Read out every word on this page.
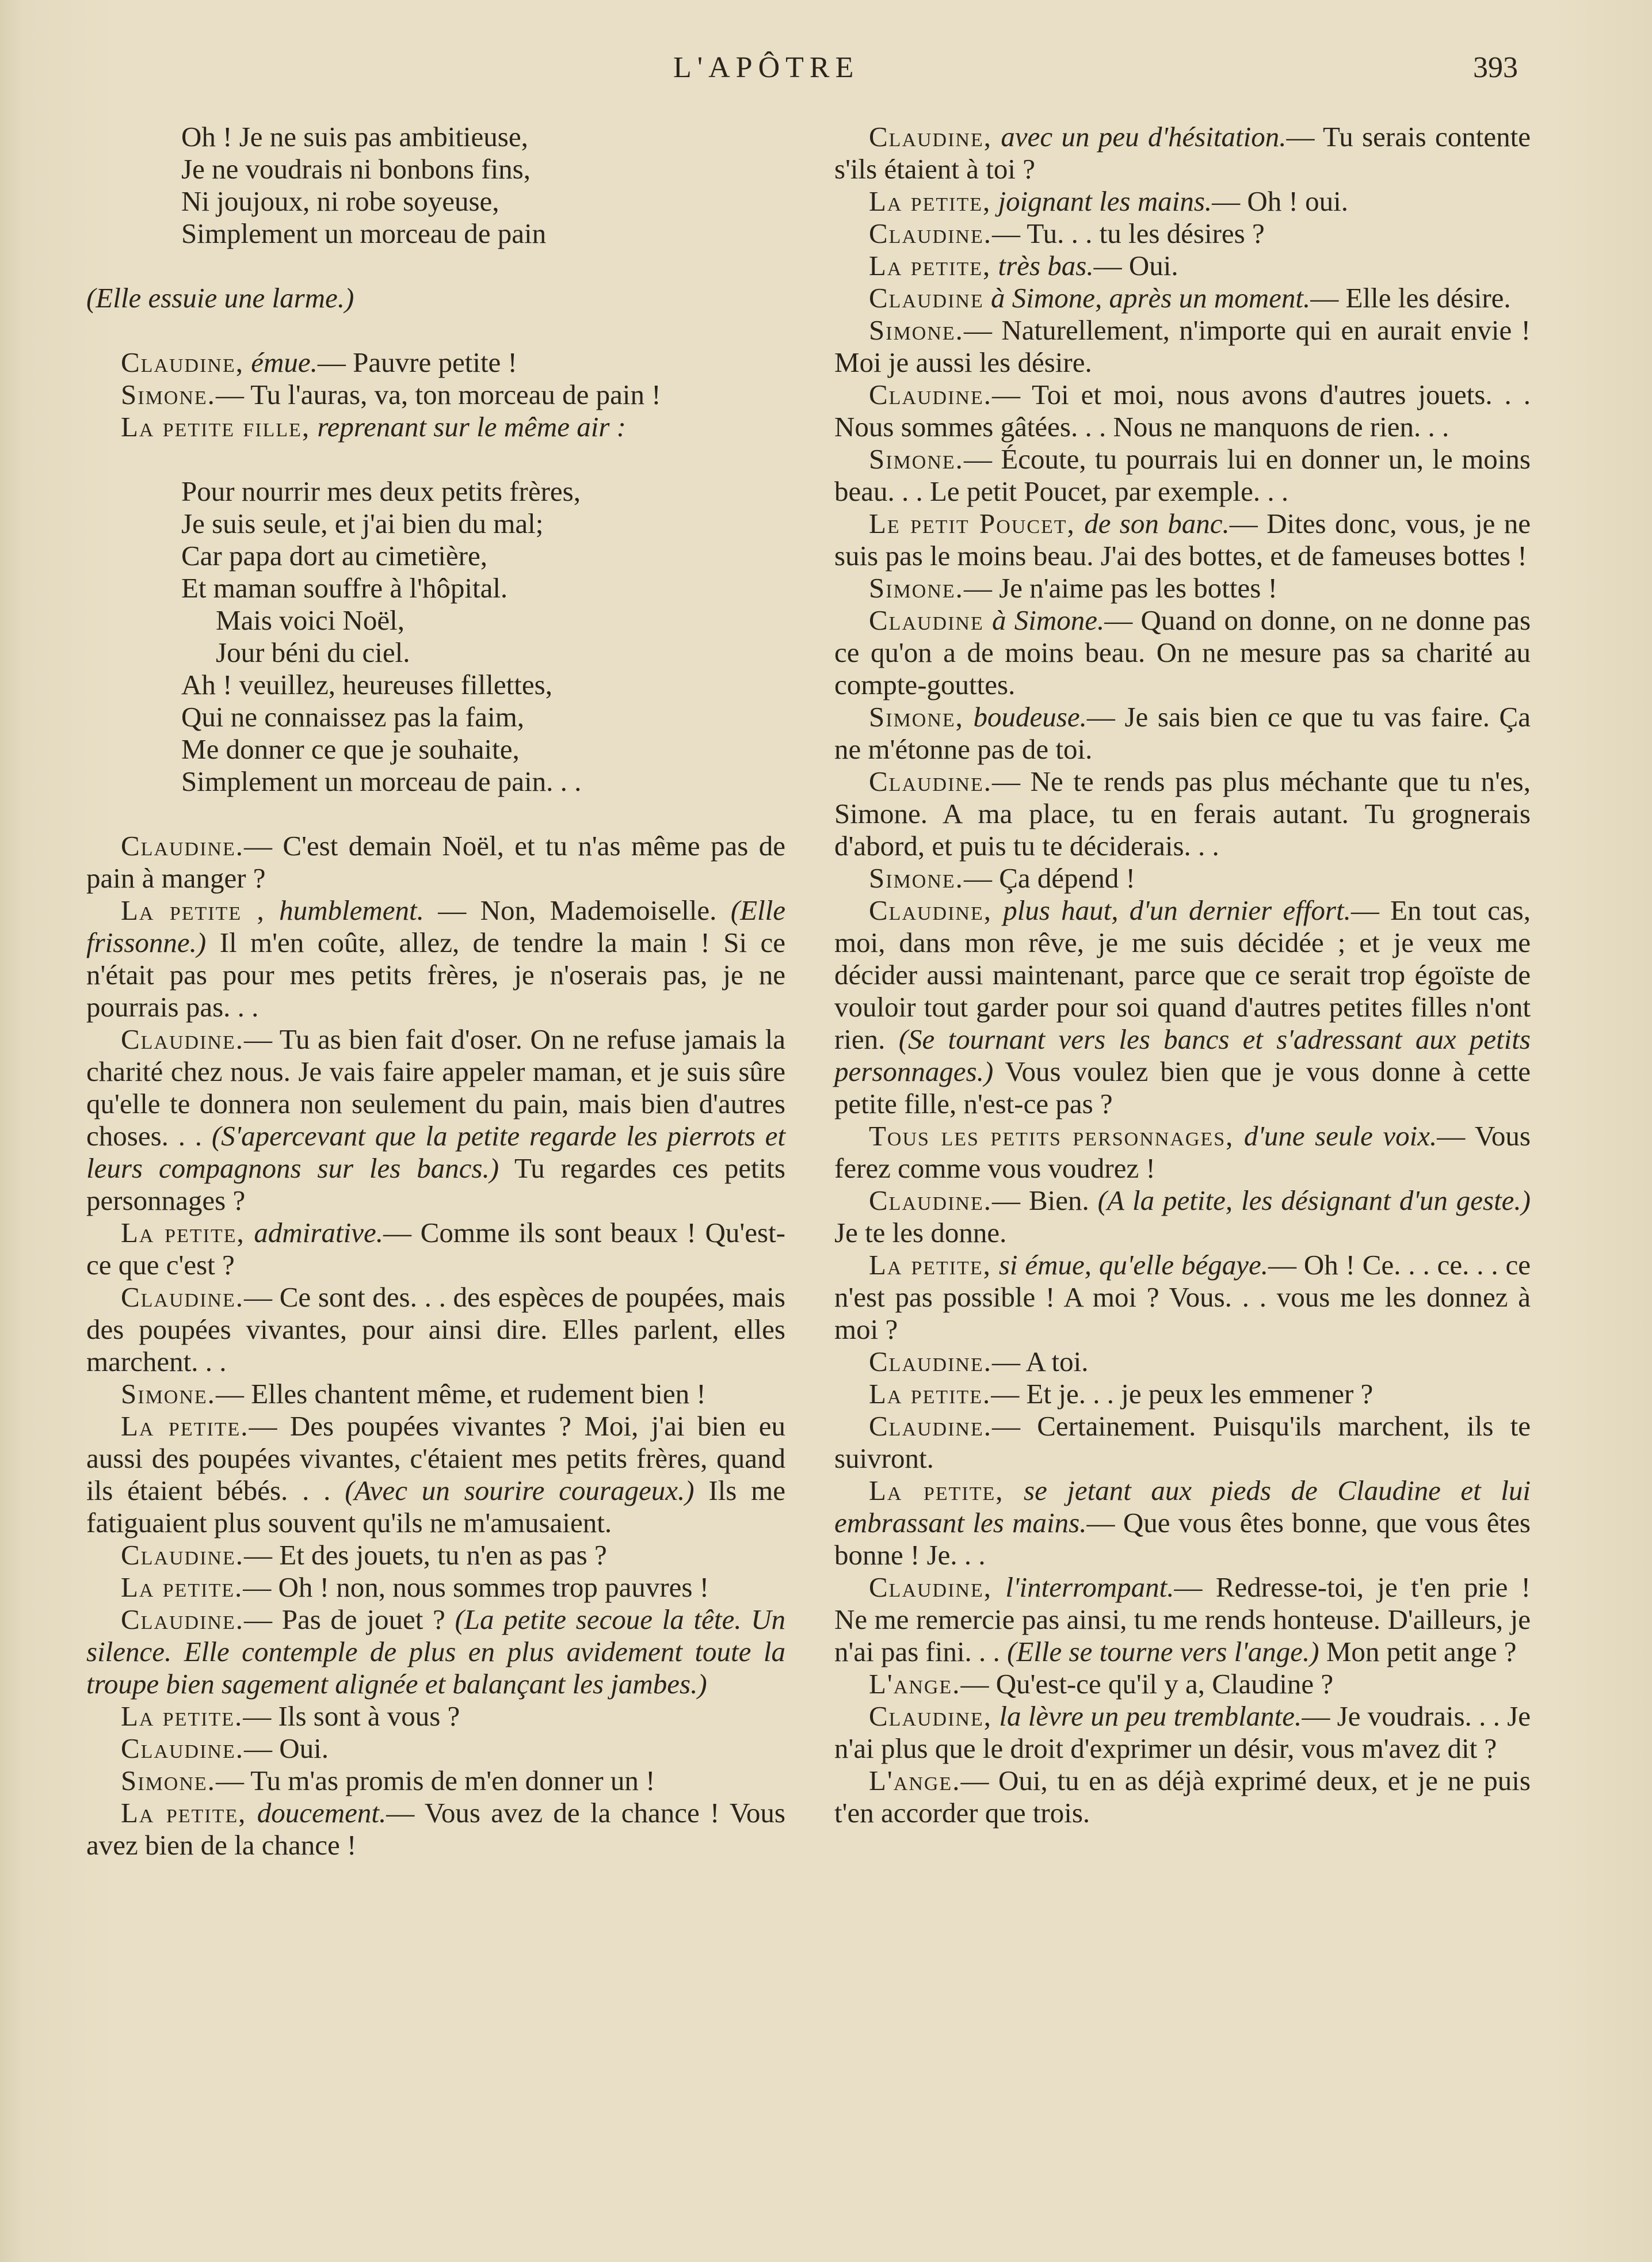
L'APÔTRE	393
Oh ! Je ne suis pas ambitieuse,
Je ne voudrais ni bonbons fins,
Ni joujoux, ni robe soyeuse,
Simplement un morceau de pain

(Elle essuie une larme.)

Claudine, émue.— Pauvre petite !

Simone.— Tu l'auras, va, ton morceau de pain !

La petite fille, reprenant sur le même air :

Pour nourrir mes deux petits frères,
Je suis seule, et j'ai bien du mal;
Car papa dort au cimetière,
Et maman souffre à l'hôpital.
Mais voici Noël,
Jour béni du ciel.
Ah ! veuillez, heureuses fillettes,
Qui ne connaissez pas la faim,
Me donner ce que je souhaite,
Simplement un morceau de pain. . .

Claudine.— C'est demain Noël, et tu n'as même pas de pain à manger ?

La petite , humblement. — Non, Mademoiselle. (Elle frissonne.) Il m'en coûte, allez, de tendre la main ! Si ce n'était pas pour mes petits frères, je n'oserais pas, je ne pourrais pas. . .

Claudine.— Tu as bien fait d'oser. On ne refuse jamais la charité chez nous. Je vais faire appeler maman, et je suis sûre qu'elle te donnera non seulement du pain, mais bien d'autres choses. . . (S'apercevant que la petite regarde les pierrots et leurs compagnons sur les bancs.) Tu regardes ces petits personnages ?

La petite, admirative.— Comme ils sont beaux ! Qu'est-ce que c'est ?

Claudine.— Ce sont des. . . des espèces de poupées, mais des poupées vivantes, pour ainsi dire. Elles parlent, elles marchent. . .

Simone.— Elles chantent même, et rudement bien !

La petite.— Des poupées vivantes ? Moi, j'ai bien eu aussi des poupées vivantes, c'étaient mes petits frères, quand ils étaient bébés. . . (Avec un sourire courageux.) Ils me fatiguaient plus souvent qu'ils ne m'amusaient.

Claudine.— Et des jouets, tu n'en as pas ?

La petite.— Oh ! non, nous sommes trop pauvres !

Claudine.— Pas de jouet ? (La petite secoue la tête. Un silence. Elle contemple de plus en plus avidement toute la troupe bien sagement alignée et balançant les jambes.)

La petite.— Ils sont à vous ?

Claudine.— Oui.

Simone.— Tu m'as promis de m'en donner un !

La petite, doucement.— Vous avez de la chance ! Vous avez bien de la chance !

Claudine, avec un peu d'hésitation.— Tu serais contente s'ils étaient à toi ?

La petite, joignant les mains.— Oh ! oui.

Claudine.— Tu. . . tu les désires ?

La petite, très bas.— Oui.

Claudine à Simone, après un moment.— Elle les désire.

Simone.— Naturellement, n'importe qui en aurait envie ! Moi je aussi les désire.

Claudine.— Toi et moi, nous avons d'autres jouets. . . Nous sommes gâtées. . . Nous ne manquons de rien. . .

Simone.— Écoute, tu pourrais lui en donner un, le moins beau. . . Le petit Poucet, par exemple. . .

Le petit Poucet, de son banc.— Dites donc, vous, je ne suis pas le moins beau. J'ai des bottes, et de fameuses bottes !

Simone.— Je n'aime pas les bottes !

Claudine à Simone.— Quand on donne, on ne donne pas ce qu'on a de moins beau. On ne mesure pas sa charité au compte-gouttes.

Simone, boudeuse.— Je sais bien ce que tu vas faire. Ça ne m'étonne pas de toi.

Claudine.— Ne te rends pas plus méchante que tu n'es, Simone. A ma place, tu en ferais autant. Tu grognerais d'abord, et puis tu te déciderais. . .

Simone.— Ça dépend !

Claudine, plus haut, d'un dernier effort.— En tout cas, moi, dans mon rêve, je me suis décidée ; et je veux me décider aussi maintenant, parce que ce serait trop égoïste de vouloir tout garder pour soi quand d'autres petites filles n'ont rien. (Se tournant vers les bancs et s'adressant aux petits personnages.) Vous voulez bien que je vous donne à cette petite fille, n'est-ce pas ?

Tous les petits personnages, d'une seule voix.— Vous ferez comme vous voudrez !

Claudine.— Bien. (A la petite, les désignant d'un geste.) Je te les donne.

La petite, si émue, qu'elle bégaye.— Oh ! Ce. . . ce. . . ce n'est pas possible ! A moi ? Vous. . . vous me les donnez à moi ?

Claudine.— A toi.

La petite.— Et je. . . je peux les emmener ?

Claudine.— Certainement. Puisqu'ils marchent, ils te suivront.

La petite, se jetant aux pieds de Claudine et lui embrassant les mains.— Que vous êtes bonne, que vous êtes bonne ! Je. . .

Claudine, l'interrompant.— Redresse-toi, je t'en prie ! Ne me remercie pas ainsi, tu me rends honteuse. D'ailleurs, je n'ai pas fini. . . (Elle se tourne vers l'ange.) Mon petit ange ?

L'ange.— Qu'est-ce qu'il y a, Claudine ?

Claudine, la lèvre un peu tremblante.— Je voudrais. . . Je n'ai plus que le droit d'exprimer un désir, vous m'avez dit ?

L'ange.— Oui, tu en as déjà exprimé deux, et je ne puis t'en accorder que trois.
